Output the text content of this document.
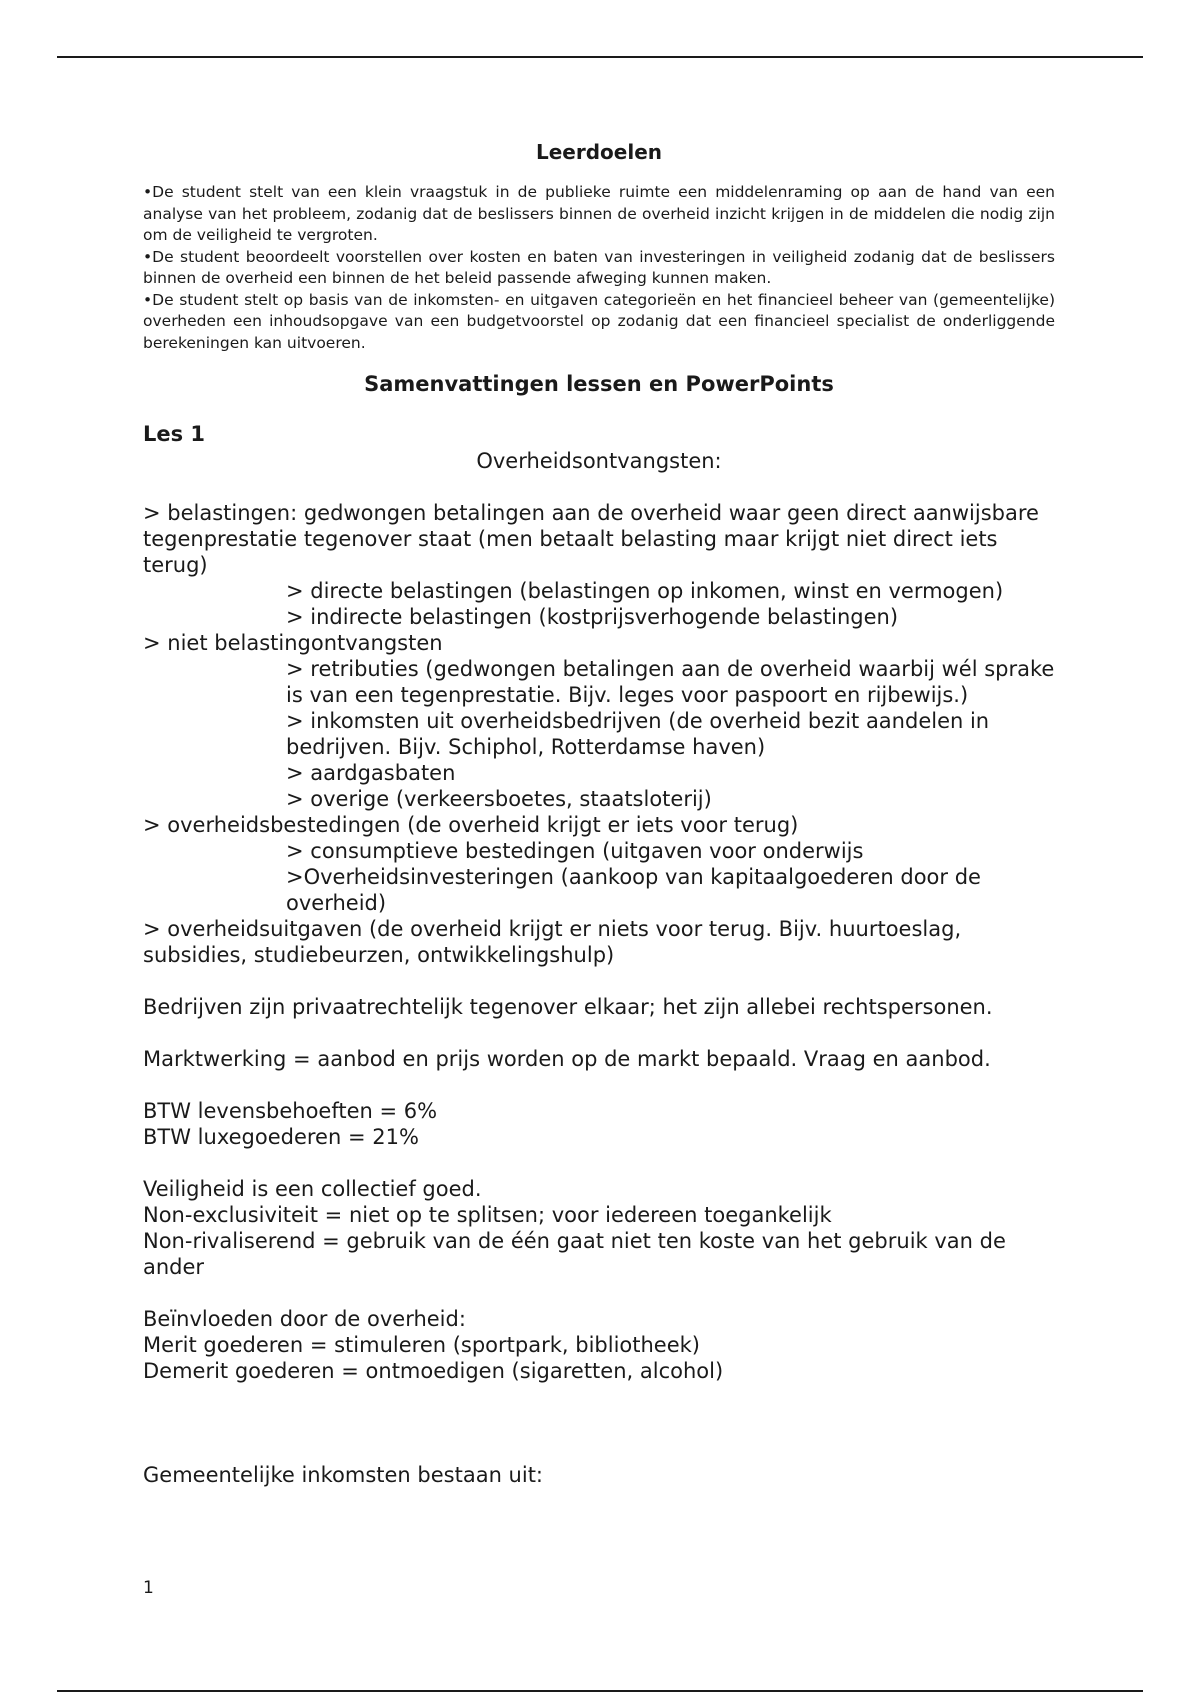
Leerdoelen

•De student stelt van een klein vraagstuk in de publieke ruimte een middelenraming op aan de hand van een analyse van het probleem, zodanig dat de beslissers binnen de overheid inzicht krijgen in de middelen die nodig zijn om de veiligheid te vergroten.

•De student beoordeelt voorstellen over kosten en baten van investeringen in veiligheid zodanig dat de beslissers binnen de overheid een binnen de het beleid passende afweging kunnen maken.

•De student stelt op basis van de inkomsten- en uitgaven categorieën en het financieel beheer van (gemeentelijke) overheden een inhoudsopgave van een budgetvoorstel op zodanig dat een financieel specialist de onderliggende berekeningen kan uitvoeren.

Samenvattingen lessen en PowerPoints
Les 1
Overheidsontvangsten:

> belastingen: gedwongen betalingen aan de overheid waar geen direct aanwijsbare tegenprestatie tegenover staat (men betaalt belasting maar krijgt niet direct iets terug)

> directe belastingen (belastingen op inkomen, winst en vermogen)

> indirecte belastingen (kostprijsverhogende belastingen)

> niet belastingontvangsten

> retributies (gedwongen betalingen aan de overheid waarbij wél sprake is van een tegenprestatie. Bijv. leges voor paspoort en rijbewijs.)

> inkomsten uit overheidsbedrijven (de overheid bezit aandelen in bedrijven. Bijv. Schiphol, Rotterdamse haven)

> aardgasbaten

> overige (verkeersboetes, staatsloterij)

> overheidsbestedingen (de overheid krijgt er iets voor terug)

> consumptieve bestedingen (uitgaven voor onderwijs

>Overheidsinvesteringen (aankoop van kapitaalgoederen door de overheid)

> overheidsuitgaven (de overheid krijgt er niets voor terug. Bijv. huurtoeslag, subsidies, studiebeurzen, ontwikkelingshulp)

Bedrijven zijn privaatrechtelijk tegenover elkaar; het zijn allebei rechtspersonen.

Marktwerking = aanbod en prijs worden op de markt bepaald. Vraag en aanbod.

BTW levensbehoeften = 6%

BTW luxegoederen = 21%

Veiligheid is een collectief goed.

Non-exclusiviteit = niet op te splitsen; voor iedereen toegankelijk

Non-rivaliserend = gebruik van de één gaat niet ten koste van het gebruik van de ander

Beïnvloeden door de overheid:

Merit goederen = stimuleren (sportpark, bibliotheek)

Demerit goederen = ontmoedigen (sigaretten, alcohol)

Gemeentelijke inkomsten bestaan uit:

1
